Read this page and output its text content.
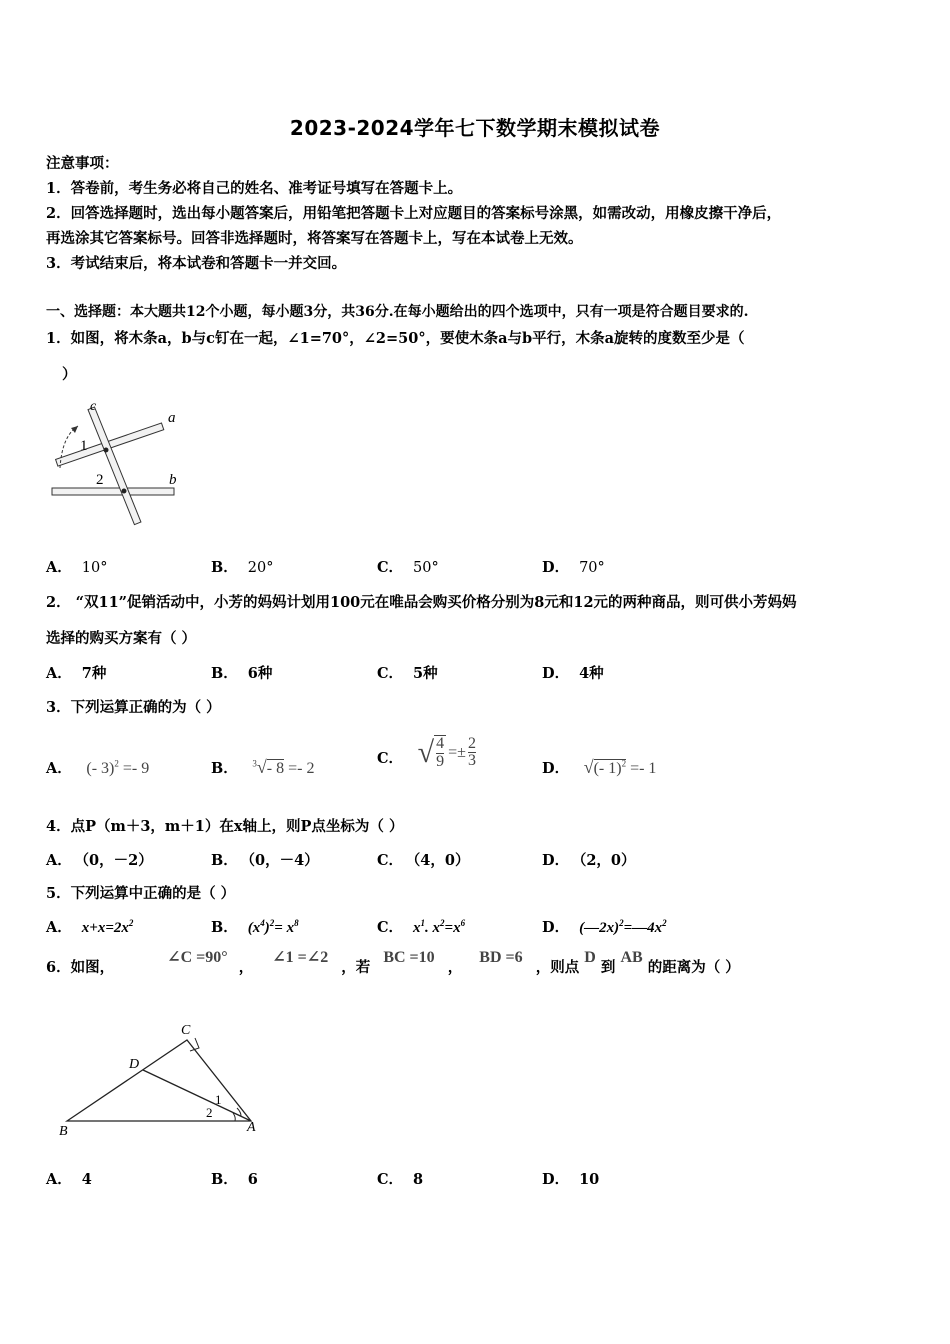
2023-2024学年七下数学期末模拟试卷
注意事项：
1．答卷前，考生务必将自己的姓名、准考证号填写在答题卡上。
2．回答选择题时，选出每小题答案后，用铅笔把答题卡上对应题目的答案标号涂黑，如需改动，用橡皮擦干净后，
再选涂其它答案标号。回答非选择题时，将答案写在答题卡上，写在本试卷上无效。
3．考试结束后，将本试卷和答题卡一并交回。
一、选择题：本大题共12个小题，每小题3分，共36分.在每小题给出的四个选项中，只有一项是符合题目要求的.
1．如图，将木条a，b与c钉在一起，∠1=70°，∠2=50°，要使木条a与b平行，木条a旋转的度数至少是（
）
c
a
b
1
2
A． 10°	B． 20°	C． 50°	D． 70°
2． “双11”促销活动中，小芳的妈妈计划用100元在唯品会购买价格分别为8元和12元的两种商品，则可供小芳妈妈
选择的购买方案有（ ）
A． 7种	B． 6种	C． 5种	D． 4种
3．下列运算正确的为（ ）
A． (- 3)$^2$ =- 9	B． $^3$√- 8 =- 2
C． √ $\frac{4}{9} =\pm \frac{2}{3}$	D． √(- 1)$^2$ =- 1
4．点P（m＋3，m＋1）在x轴上，则P点坐标为（ ）
A． （0，－2）	B． （0，－4）	C． （4，0）	D． （2，0）
5．下列运算中正确的是（ ）
A． $x+x=2x^2$	B． $(x^4)^2= x^8$	C． $x^1$. $x^2=x^6$	D． $(—2x)^2=—4x^2$
6．如图， ∠C =90° ， ∠1 =∠2 ，若 BC =10 ， BD =6 ，则点 D 到 AB 的距离为（ ）
C
D
B	A
1
2
A． 4	B． 6	C． 8	D． 10
